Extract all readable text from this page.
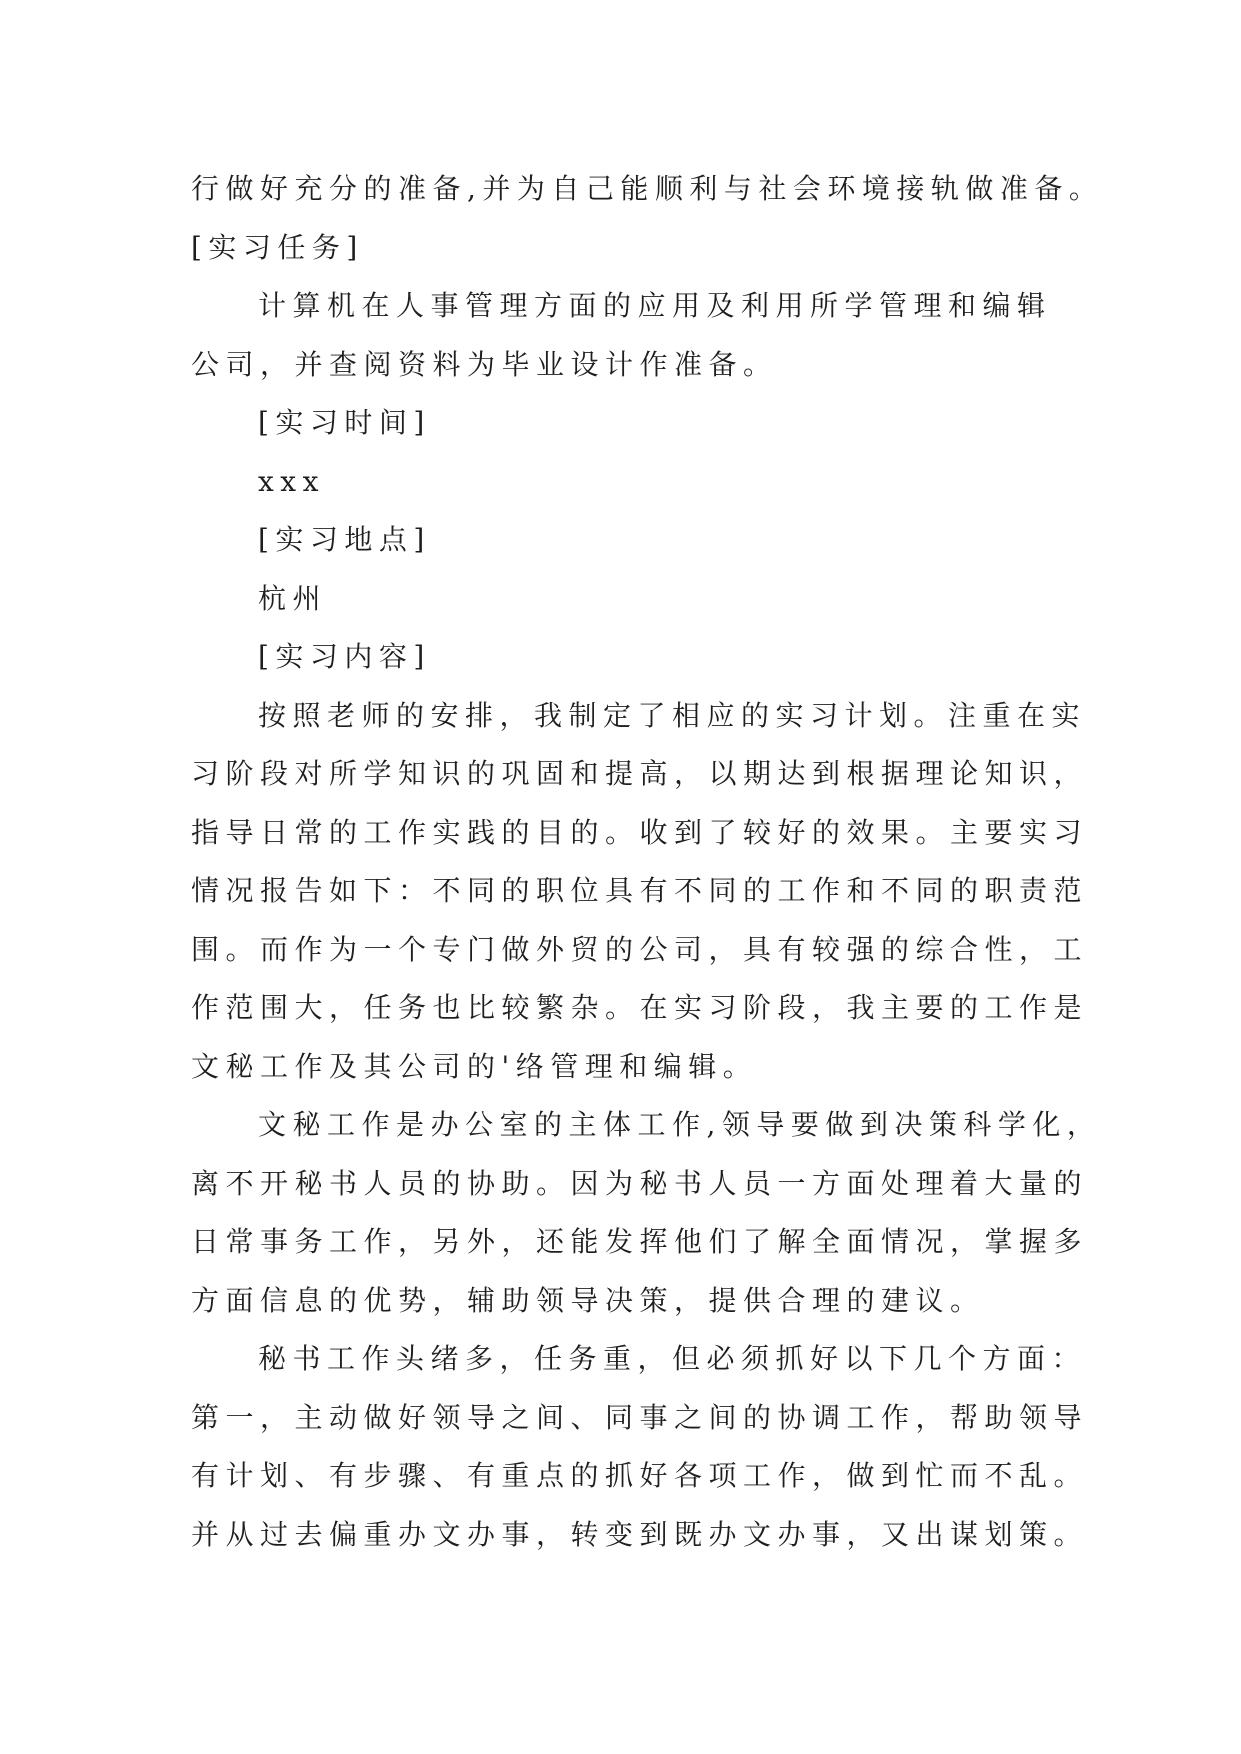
行做好充分的准备,并为自己能顺利与社会环境接轨做准备。
[实习任务]
计算机在人事管理方面的应用及利用所学管理和编辑
公司，并查阅资料为毕业设计作准备。
[实习时间]
xxx
[实习地点]
杭州
[实习内容]
按照老师的安排，我制定了相应的实习计划。注重在实
习阶段对所学知识的巩固和提高，以期达到根据理论知识，
指导日常的工作实践的目的。收到了较好的效果。主要实习
情况报告如下：不同的职位具有不同的工作和不同的职责范
围。而作为一个专门做外贸的公司，具有较强的综合性，工
作范围大，任务也比较繁杂。在实习阶段，我主要的工作是
文秘工作及其公司的'络管理和编辑。
文秘工作是办公室的主体工作,领导要做到决策科学化，
离不开秘书人员的协助。因为秘书人员一方面处理着大量的
日常事务工作，另外，还能发挥他们了解全面情况，掌握多
方面信息的优势，辅助领导决策，提供合理的建议。
秘书工作头绪多，任务重，但必须抓好以下几个方面：
第一，主动做好领导之间、同事之间的协调工作，帮助领导
有计划、有步骤、有重点的抓好各项工作，做到忙而不乱。
并从过去偏重办文办事，转变到既办文办事，又出谋划策。
